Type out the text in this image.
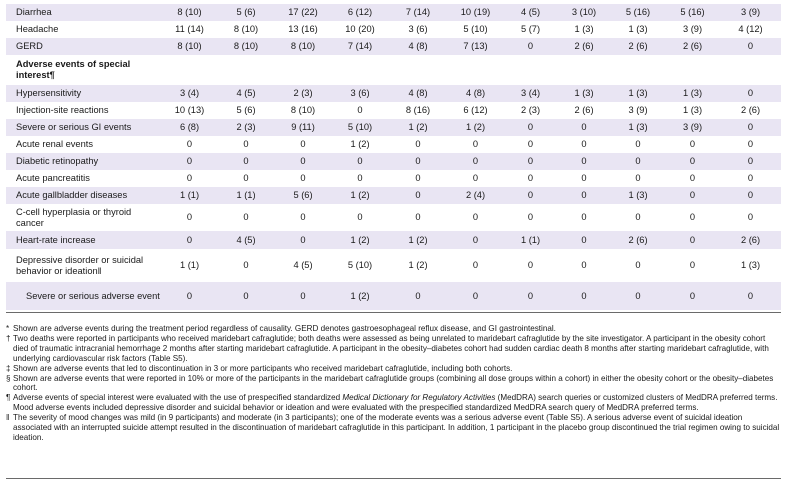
Diarrhea	8 (10)	5 (6)	17 (22)	6 (12)	7 (14)	10 (19)	4 (5)	3 (10)	5 (16)	5 (16)	3 (9)
Headache	11 (14)	8 (10)	13 (16)	10 (20)	3 (6)	5 (10)	5 (7)	1 (3)	1 (3)	3 (9)	4 (12)
GERD	8 (10)	8 (10)	8 (10)	7 (14)	4 (8)	7 (13)	0	2 (6)	2 (6)	2 (6)	0
Adverse events of special interest¶											
Hypersensitivity	3 (4)	4 (5)	2 (3)	3 (6)	4 (8)	4 (8)	3 (4)	1 (3)	1 (3)	1 (3)	0
Injection-site reactions	10 (13)	5 (6)	8 (10)	0	8 (16)	6 (12)	2 (3)	2 (6)	3 (9)	1 (3)	2 (6)
Severe or serious GI events	6 (8)	2 (3)	9 (11)	5 (10)	1 (2)	1 (2)	0	0	1 (3)	3 (9)	0
Acute renal events	0	0	0	1 (2)	0	0	0	0	0	0	0
Diabetic retinopathy	0	0	0	0	0	0	0	0	0	0	0
Acute pancreatitis	0	0	0	0	0	0	0	0	0	0	0
Acute gallbladder diseases	1 (1)	1 (1)	5 (6)	1 (2)	0	2 (4)	0	0	1 (3)	0	0
C-cell hyperplasia or thyroid cancer	0	0	0	0	0	0	0	0	0	0	0
Heart-rate increase	0	4 (5)	0	1 (2)	1 (2)	0	1 (1)	0	2 (6)	0	2 (6)
Depressive disorder or suicidal behavior or ideation‖	1 (1)	0	4 (5)	5 (10)	1 (2)	0	0	0	0	0	1 (3)
Severe or serious adverse event	0	0	0	1 (2)	0	0	0	0	0	0	0

* Shown are adverse events during the treatment period regardless of causality. GERD denotes gastroesophageal reflux disease, and GI gastrointestinal.

† Two deaths were reported in participants who received maridebart cafraglutide; both deaths were assessed as being unrelated to maridebart cafraglutide by the site investigator. A participant in the obesity cohort died of traumatic intracranial hemorrhage 2 months after starting maridebart cafraglutide. A participant in the obesity–diabetes cohort had sudden cardiac death 8 months after starting maridebart cafraglutide, with underlying cardiovascular risk factors (Table S5).

‡ Shown are adverse events that led to discontinuation in 3 or more participants who received maridebart cafraglutide, including both cohorts.

§ Shown are adverse events that were reported in 10% or more of the participants in the maridebart cafraglutide groups (combining all dose groups within a cohort) in either the obesity cohort or the obesity–diabetes cohort.

¶ Adverse events of special interest were evaluated with the use of prespecified standardized Medical Dictionary for Regulatory Activities (MedDRA) search queries or customized clusters of MedDRA preferred terms. Mood adverse events included depressive disorder and suicidal behavior or ideation and were evaluated with the prespecified standardized MedDRA search query of MedDRA preferred terms.

‖ The severity of mood changes was mild (in 9 participants) and moderate (in 3 participants); one of the moderate events was a serious adverse event (Table S5). A serious adverse event of suicidal ideation associated with an interrupted suicide attempt resulted in the discontinuation of maridebart cafraglutide in this participant. In addition, 1 participant in the placebo group discontinued the trial regimen owing to suicidal ideation.
